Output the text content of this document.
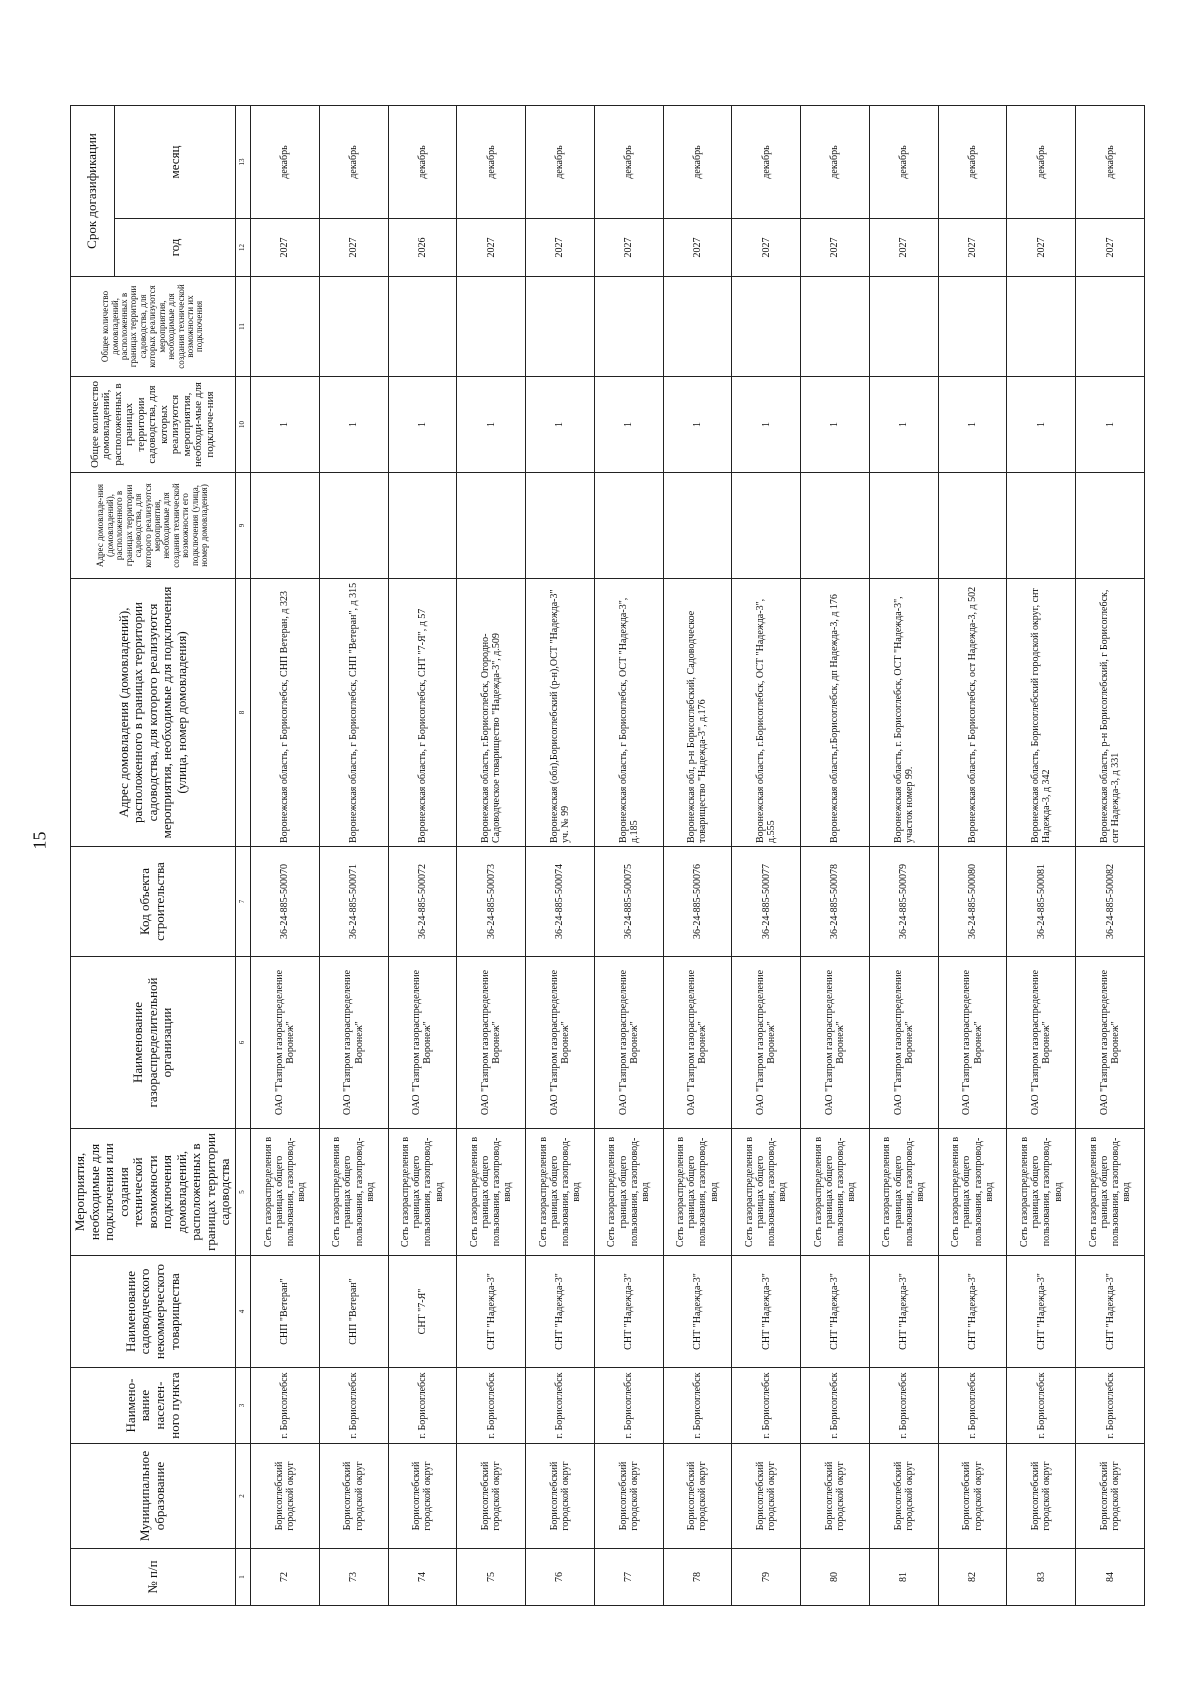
15
№ п/п	Муниципальное образование	Наимено-вание населен-ного пункта	Наименование садоводческого некоммерческого товарищества	Мероприятия, необходимые для подключения или создания технической возможности подключения домовладений, расположенных в границах территории садоводства	Наименование газораспределительной организации	Код объекта строительства	Адрес домовладения (домовладений), расположенного в границах территории садоводства, для которого реализуются мероприятия, необходимые для подключения (улица, номер домовладения)	Адрес домовладе-ния (домовладений), расположенного в границах территории садоводства, для которого реализуются мероприятия, необходимые для создания технической возможности его подключения (улица, номер домовладения)	Общее количество домовладений, расположенных в границах территории садоводства, для которых реализуются мероприятия, необходи-мые для подключе-ния	Общее количество домовладений, расположенных в границах территории садоводства, для которых реализуются мероприятия, необходимые для создания технической возможности их подключения	Срок догазификации	
											год	месяц
1	2	3	4	5	6	7	8	9	10	11	12	13
72	Борисоглебский городской округ	г. Борисоглебск	СНП "Ветеран"	Сеть газораспределения в границах общего пользования, газопровод-ввод	ОАО "Газпром газораспределение Воронеж"	36-24-885-500070	Воронежская область, г Борисоглебск, СНП Ветеран, д 323		1		2027	декабрь
73	Борисоглебский городской округ	г. Борисоглебск	СНП "Ветеран"	Сеть газораспределения в границах общего пользования, газопровод-ввод	ОАО "Газпром газораспределение Воронеж"	36-24-885-500071	Воронежская область, г Борисоглебск, СНП "Ветеран", д 315		1		2027	декабрь
74	Борисоглебский городской округ	г. Борисоглебск	СНТ "7-Я"	Сеть газораспределения в границах общего пользования, газопровод-ввод	ОАО "Газпром газораспределение Воронеж"	36-24-885-500072	Воронежская область, г Борисоглебск, СНТ "7-Я", д 57		1		2026	декабрь
75	Борисоглебский городской округ	г. Борисоглебск	СНТ "Надежда-3"	Сеть газораспределения в границах общего пользования, газопровод-ввод	ОАО "Газпром газораспределение Воронеж"	36-24-885-500073	Воронежская область, г.Борисоглебск, Огородно-Садоводческое товарищество "Надежда-3", д.509		1		2027	декабрь
76	Борисоглебский городской округ	г. Борисоглебск	СНТ "Надежда-3"	Сеть газораспределения в границах общего пользования, газопровод-ввод	ОАО "Газпром газораспределение Воронеж"	36-24-885-500074	Воронежская (обл),Борисоглебский (р-н),ОСТ "Надежда-3" уч. № 99		1		2027	декабрь
77	Борисоглебский городской округ	г. Борисоглебск	СНТ "Надежда-3"	Сеть газораспределения в границах общего пользования, газопровод-ввод	ОАО "Газпром газораспределение Воронеж"	36-24-885-500075	Воронежская область, г Борисоглебск, ОСТ "Надежда-3", д.185		1		2027	декабрь
78	Борисоглебский городской округ	г. Борисоглебск	СНТ "Надежда-3"	Сеть газораспределения в границах общего пользования, газопровод-ввод	ОАО "Газпром газораспределение Воронеж"	36-24-885-500076	Воронежская обл, р-н Борисоглебский, Садоводческое товарищество "Надежда-3", д.176		1		2027	декабрь
79	Борисоглебский городской округ	г. Борисоглебск	СНТ "Надежда-3"	Сеть газораспределения в границах общего пользования, газопровод-ввод	ОАО "Газпром газораспределение Воронеж"	36-24-885-500077	Воронежская область, г.Борисоглебск, ОСТ "Надежда-3", д.555		1		2027	декабрь
80	Борисоглебский городской округ	г. Борисоглебск	СНТ "Надежда-3"	Сеть газораспределения в границах общего пользования, газопровод-ввод	ОАО "Газпром газораспределение Воронеж"	36-24-885-500078	Воронежская область,г.Борисоглебск, дп Надежда-3, д 176		1		2027	декабрь
81	Борисоглебский городской округ	г. Борисоглебск	СНТ "Надежда-3"	Сеть газораспределения в границах общего пользования, газопровод-ввод	ОАО "Газпром газораспределение Воронеж"	36-24-885-500079	Воронежская область, г. Борисоглебск, ОСТ "Надежда-3", участок номер 99.		1		2027	декабрь
82	Борисоглебский городской округ	г. Борисоглебск	СНТ "Надежда-3"	Сеть газораспределения в границах общего пользования, газопровод-ввод	ОАО "Газпром газораспределение Воронеж"	36-24-885-500080	Воронежская область, г Борисоглебск, ост Надежда-3, д 502		1		2027	декабрь
83	Борисоглебский городской округ	г. Борисоглебск	СНТ "Надежда-3"	Сеть газораспределения в границах общего пользования, газопровод-ввод	ОАО "Газпром газораспределение Воронеж"	36-24-885-500081	Воронежская область, Борисоглебский городской округ, снт Надежда-3, д 342		1		2027	декабрь
84	Борисоглебский городской округ	г. Борисоглебск	СНТ "Надежда-3"	Сеть газораспределения в границах общего пользования, газопровод-ввод	ОАО "Газпром газораспределение Воронеж"	36-24-885-500082	Воронежская область, р-н Борисоглебский, г Борисоглебск, снт Надежда-3, д 331		1		2027	декабрь
